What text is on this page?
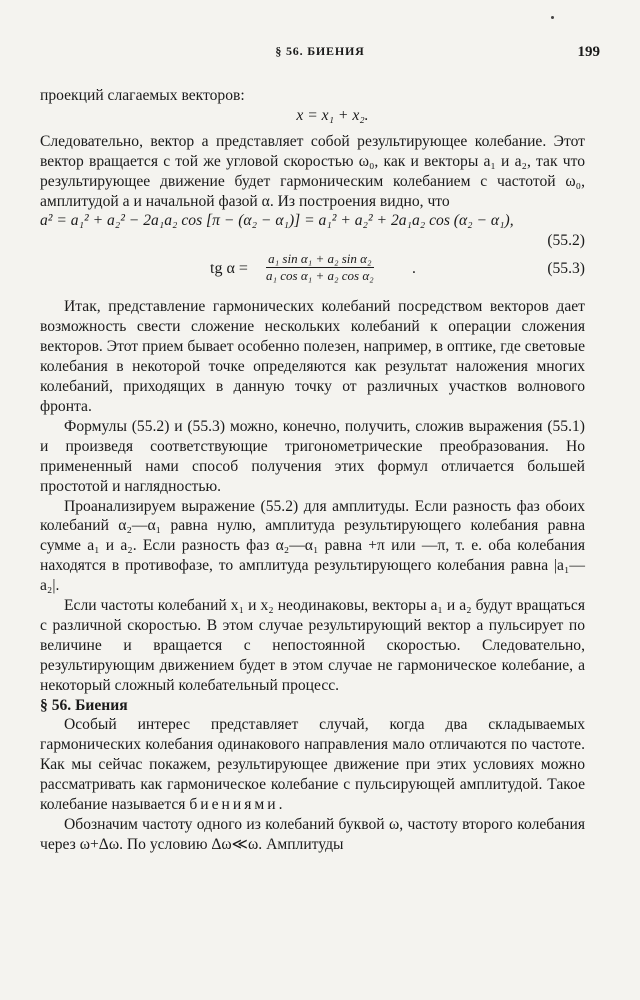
§ 56. БИЕНИЯ	199

проекций слагаемых векторов:

x = x₁ + x₂.

Следовательно, вектор a представляет собой результирующее колебание. Этот вектор вращается с той же угловой скоростью ω₀, как и векторы a₁ и a₂, так что результирующее движение будет гармоническим колебанием с частотой ω₀, амплитудой a и начальной фазой α. Из построения видно, что

a² = a₁² + a₂² − 2a₁a₂ cos [π − (α₂ − α₁)] = a₁² + a₂² + 2a₁a₂ cos (α₂ − α₁),
(55.2)
tg $\alpha = \frac{\text{a₁ sin α₁ + a₂ sin α₂}}{\text{a₁ cos α₁ + a₂ cos α₂}}$ .	(55.3)

Итак, представление гармонических колебаний посредством векторов дает возможность свести сложение нескольких колебаний к операции сложения векторов. Этот прием бывает особенно полезен, например, в оптике, где световые колебания в некоторой точке определяются как результат наложения многих колебаний, приходящих в данную точку от различных участков волнового фронта.

Формулы (55.2) и (55.3) можно, конечно, получить, сложив выражения (55.1) и произведя соответствующие тригонометрические преобразования. Но примененный нами способ получения этих формул отличается большей простотой и наглядностью.

Проанализируем выражение (55.2) для амплитуды. Если разность фаз обоих колебаний α₂—α₁ равна нулю, амплитуда результирующего колебания равна сумме a₁ и a₂. Если разность фаз α₂—α₁ равна +π или —π, т. е. оба колебания находятся в противофазе, то амплитуда результирующего колебания равна |a₁—a₂|.

Если частоты колебаний x₁ и x₂ неодинаковы, векторы a₁ и a₂ будут вращаться с различной скоростью. В этом случае результирующий вектор a пульсирует по величине и вращается с непостоянной скоростью. Следовательно, результирующим движением будет в этом случае не гармоническое колебание, а некоторый сложный колебательный процесс.

§ 56. Биения

Особый интерес представляет случай, когда два складываемых гармонических колебания одинакового направления мало отличаются по частоте. Как мы сейчас покажем, результирующее движение при этих условиях можно рассматривать как гармоническое колебание с пульсирующей амплитудой. Такое колебание называется биениями.

Обозначим частоту одного из колебаний буквой ω, частоту второго колебания через ω+Δω. По условию Δω≪ω. Амплитуды
